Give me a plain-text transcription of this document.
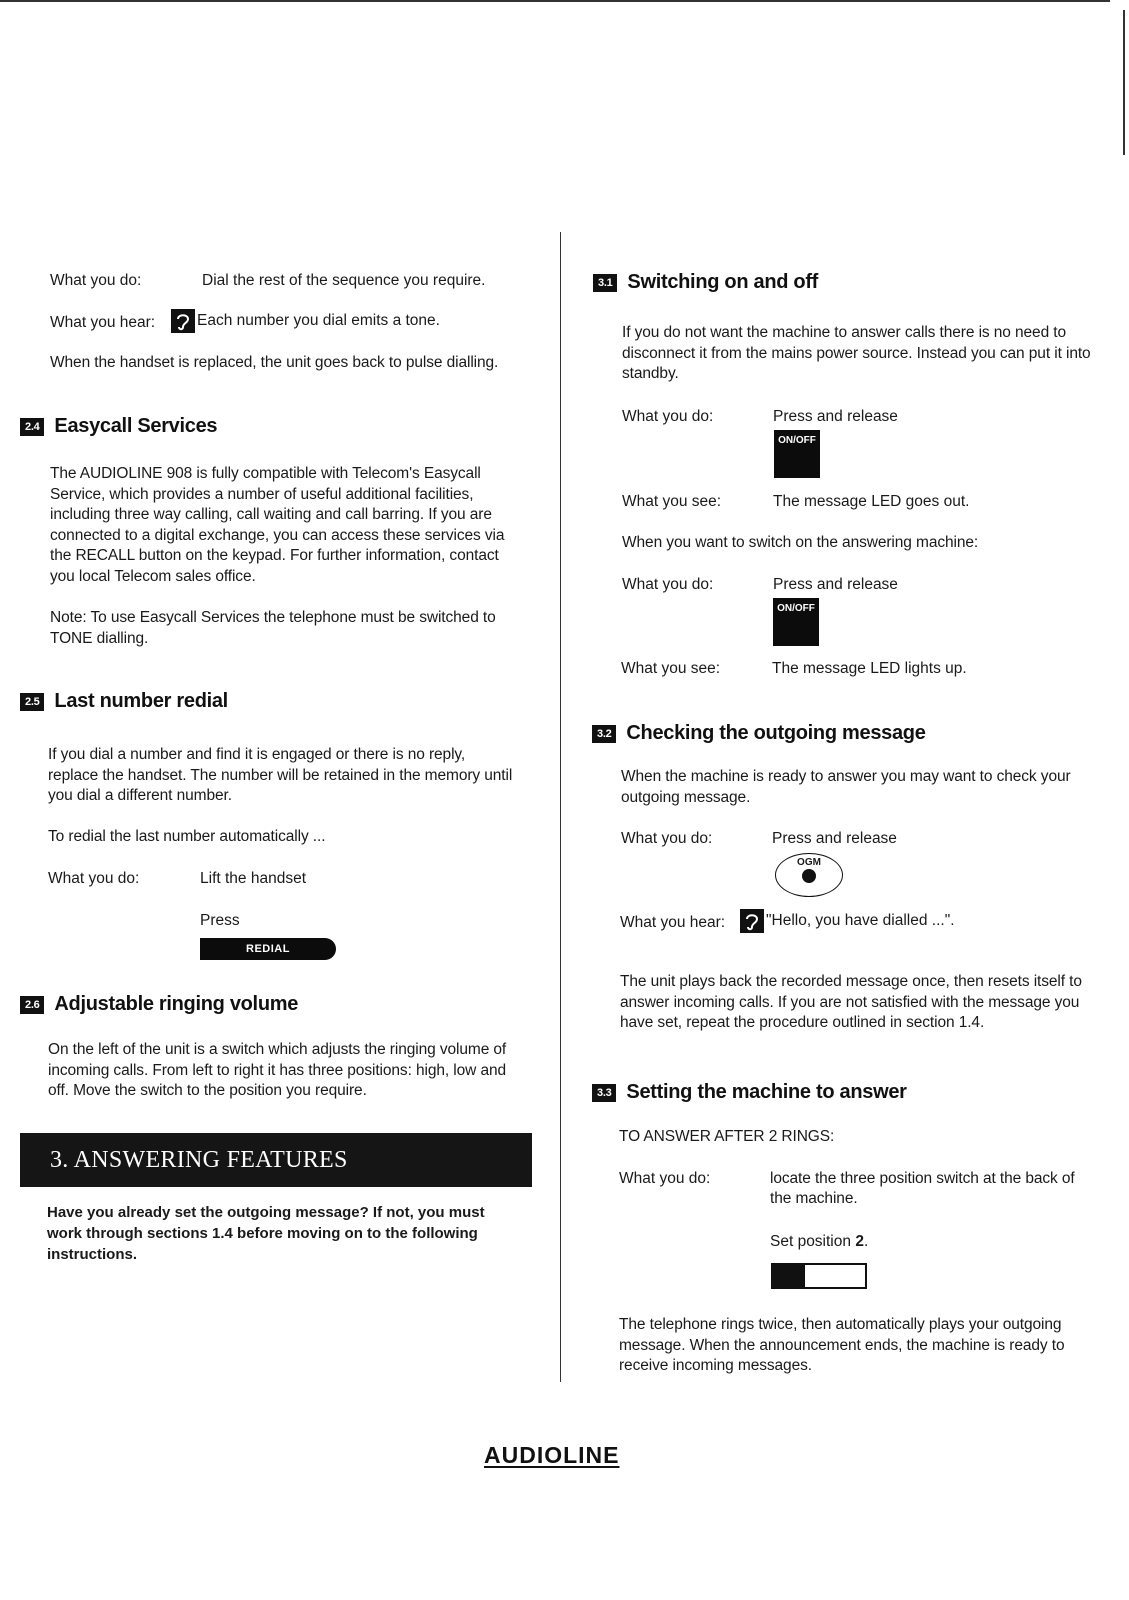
What you do:	Dial the rest of the sequence you require.
What you hear:	Each number you dial emits a tone.
When the handset is replaced, the unit goes back to pulse dialling.
2.4 Easycall Services
The AUDIOLINE 908 is fully compatible with Telecom's Easycall Service, which provides a number of useful additional facilities, including three way calling, call waiting and call barring. If you are connected to a digital exchange, you can access these services via the RECALL button on the keypad. For further information, contact you local Telecom sales office.
Note: To use Easycall Services the telephone must be switched to TONE dialling.
2.5 Last number redial
If you dial a number and find it is engaged or there is no reply, replace the handset. The number will be retained in the memory until you dial a different number.
To redial the last number automatically ...
What you do:	Lift the handset
Press
REDIAL
2.6 Adjustable ringing volume
On the left of the unit is a switch which adjusts the ringing volume of incoming calls. From left to right it has three positions: high, low and off. Move the switch to the position you require.
3. ANSWERING FEATURES
Have you already set the outgoing message? If not, you must work through sections 1.4 before moving on to the following instructions.
3.1 Switching on and off
If you do not want the machine to answer calls there is no need to disconnect it from the mains power source. Instead you can put it into standby.
What you do:	Press and release
ON/OFF
What you see:	The message LED goes out.
When you want to switch on the answering machine:
What you do:	Press and release
ON/OFF
What you see:	The message LED lights up.
3.2 Checking the outgoing message
When the machine is ready to answer you may want to check your outgoing message.
What you do:	Press and release
OGM
What you hear:	"Hello, you have dialled ...".
The unit plays back the recorded message once, then resets itself to answer incoming calls. If you are not satisfied with the message you have set, repeat the procedure outlined in section 1.4.
3.3 Setting the machine to answer
TO ANSWER AFTER 2 RINGS:
What you do:	locate the three position switch at the back of the machine.
Set position 2.
The telephone rings twice, then automatically plays your outgoing message. When the announcement ends, the machine is ready to receive incoming messages.
AUDIOLINE
